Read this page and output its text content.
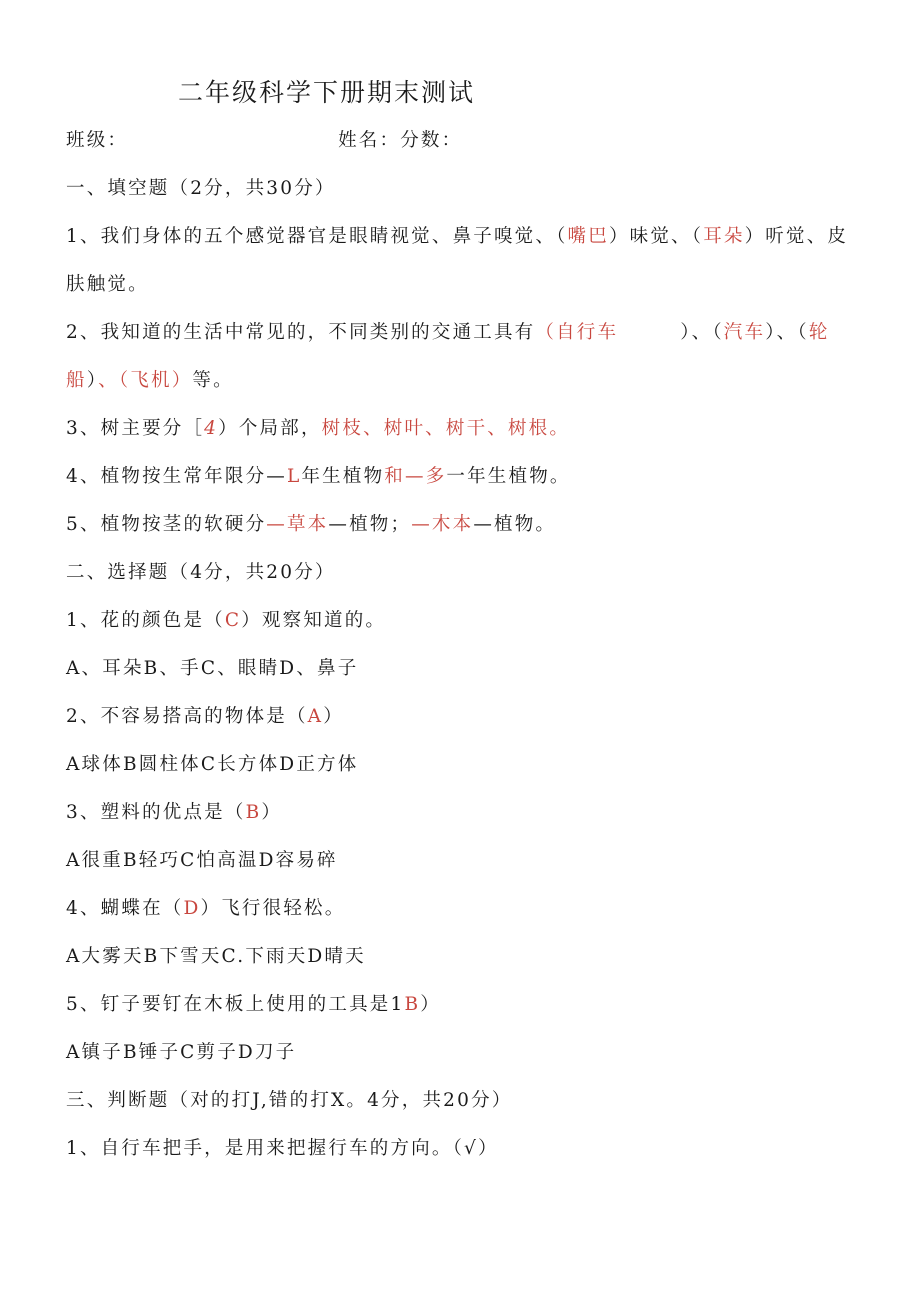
二年级科学下册期末测试
班级：	姓名：分数：
一、填空题（2分，共30分）
1、我们身体的五个感觉器官是眼睛视觉、鼻子嗅觉、（嘴巴）味觉、（耳朵）听觉、皮
肤触觉。
2、我知道的生活中常见的，不同类别的交通工具有（自行车	）、（汽车）、（轮
船）、（飞机）等。
3、树主要分［4）个局部，树枝、树叶、树干、树根。
4、植物按生常年限分—L年生植物和—多一年生植物。
5、植物按茎的软硬分—草本—植物；—木本—植物。
二、选择题（4分，共20分）
1、花的颜色是（C）观察知道的。
A、耳朵B、手C、眼睛D、鼻子
2、不容易搭高的物体是（A）
A球体B圆柱体C长方体D正方体
3、塑料的优点是（B）
A很重B轻巧C怕高温D容易碎
4、蝴蝶在（D）飞行很轻松。
A大雾天B下雪天C.下雨天D晴天
5、钉子要钉在木板上使用的工具是1B）
A镇子B锤子C剪子D刀子
三、判断题（对的打J,错的打X。4分，共20分）
1、自行车把手，是用来把握行车的方向。（√）
